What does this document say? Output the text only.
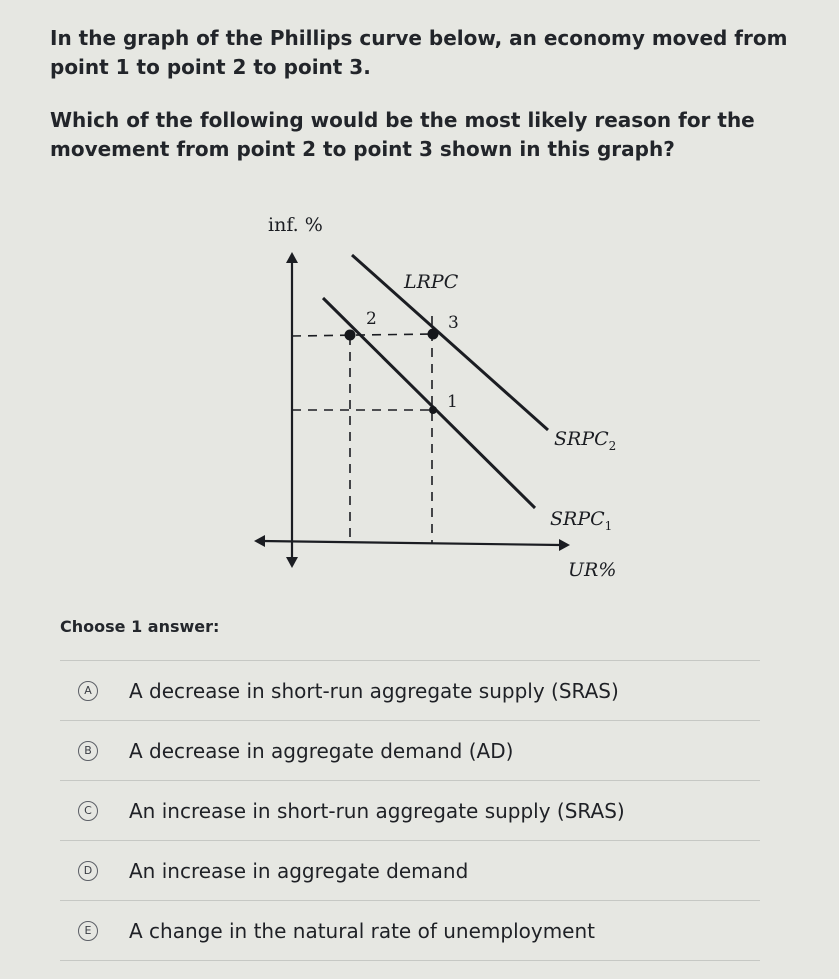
In the graph of the Phillips curve below, an economy moved from point 1 to point 2 to point 3.

Which of the following would be the most likely reason for the movement from point 2 to point 3 shown in this graph?

inf. %
LRPC
2	3
1
$SRPC_2$
$SRPC_1$
UR%
Choose 1 answer:
A	A decrease in short-run aggregate supply (SRAS)
B	A decrease in aggregate demand (AD)
C	An increase in short-run aggregate supply (SRAS)
D An increase in aggregate demand
E	A change in the natural rate of unemployment
